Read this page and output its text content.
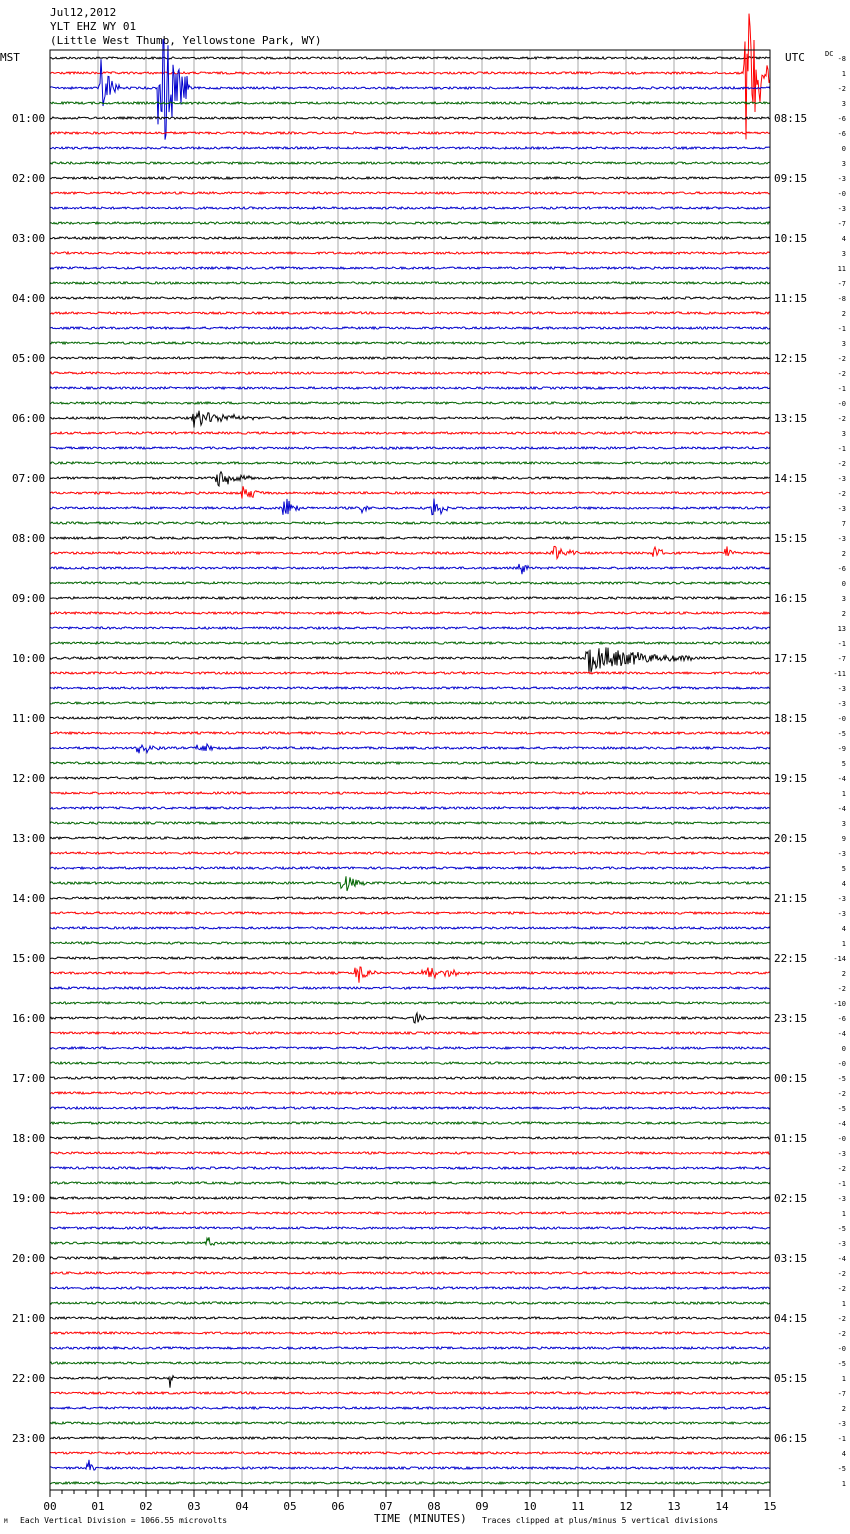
Jul12,2012
YLT EHZ WY 01
(Little West Thumb, Yellowstone Park, WY)
MST	UTC	DC
01:00
02:00
03:00
04:00
05:00
06:00
07:00
08:00
09:00
10:00
11:00
12:00
13:00
14:00
15:00
16:00
17:00
18:00
19:00
20:00
21:00
22:00
23:00
08:15
09:15
10:15
11:15
12:15
13:15
14:15
15:15
16:15
17:15
18:15
19:15
20:15
21:15
22:15
23:15
00:15
01:15
02:15
03:15
04:15
05:15
06:15
-8
1
-2
3
-6
-6
0
3
-3
-0
-3
-7
4
3
11
-7
-8
2
-1
3
-2
-2
-1
-0
-2
3
-1
-2
-3
-2
-3
7
-3
2
-6
0
3
2
13
-1
-7
-11
-3
-3
-0
-5
-9
5
-4
1
-4
3
9
-3
5
4
-3
-3
4
1
-14
2
-2
-10
-6
-4
0
-0
-5
-2
-5
-4
-0
-3
-2
-1
-3
1
-5
-3
-4
-2
-2
1
-2
-2
-0
-5
1
-7
2
-3
-1
4
-5
1
00	01	02	03	04	05	06	07	08	09	10	11	12	13	14	15
M Each Vertical Division = 1066.55 microvolts	TIME (MINUTES) Traces clipped at plus/minus 5 vertical divisions
